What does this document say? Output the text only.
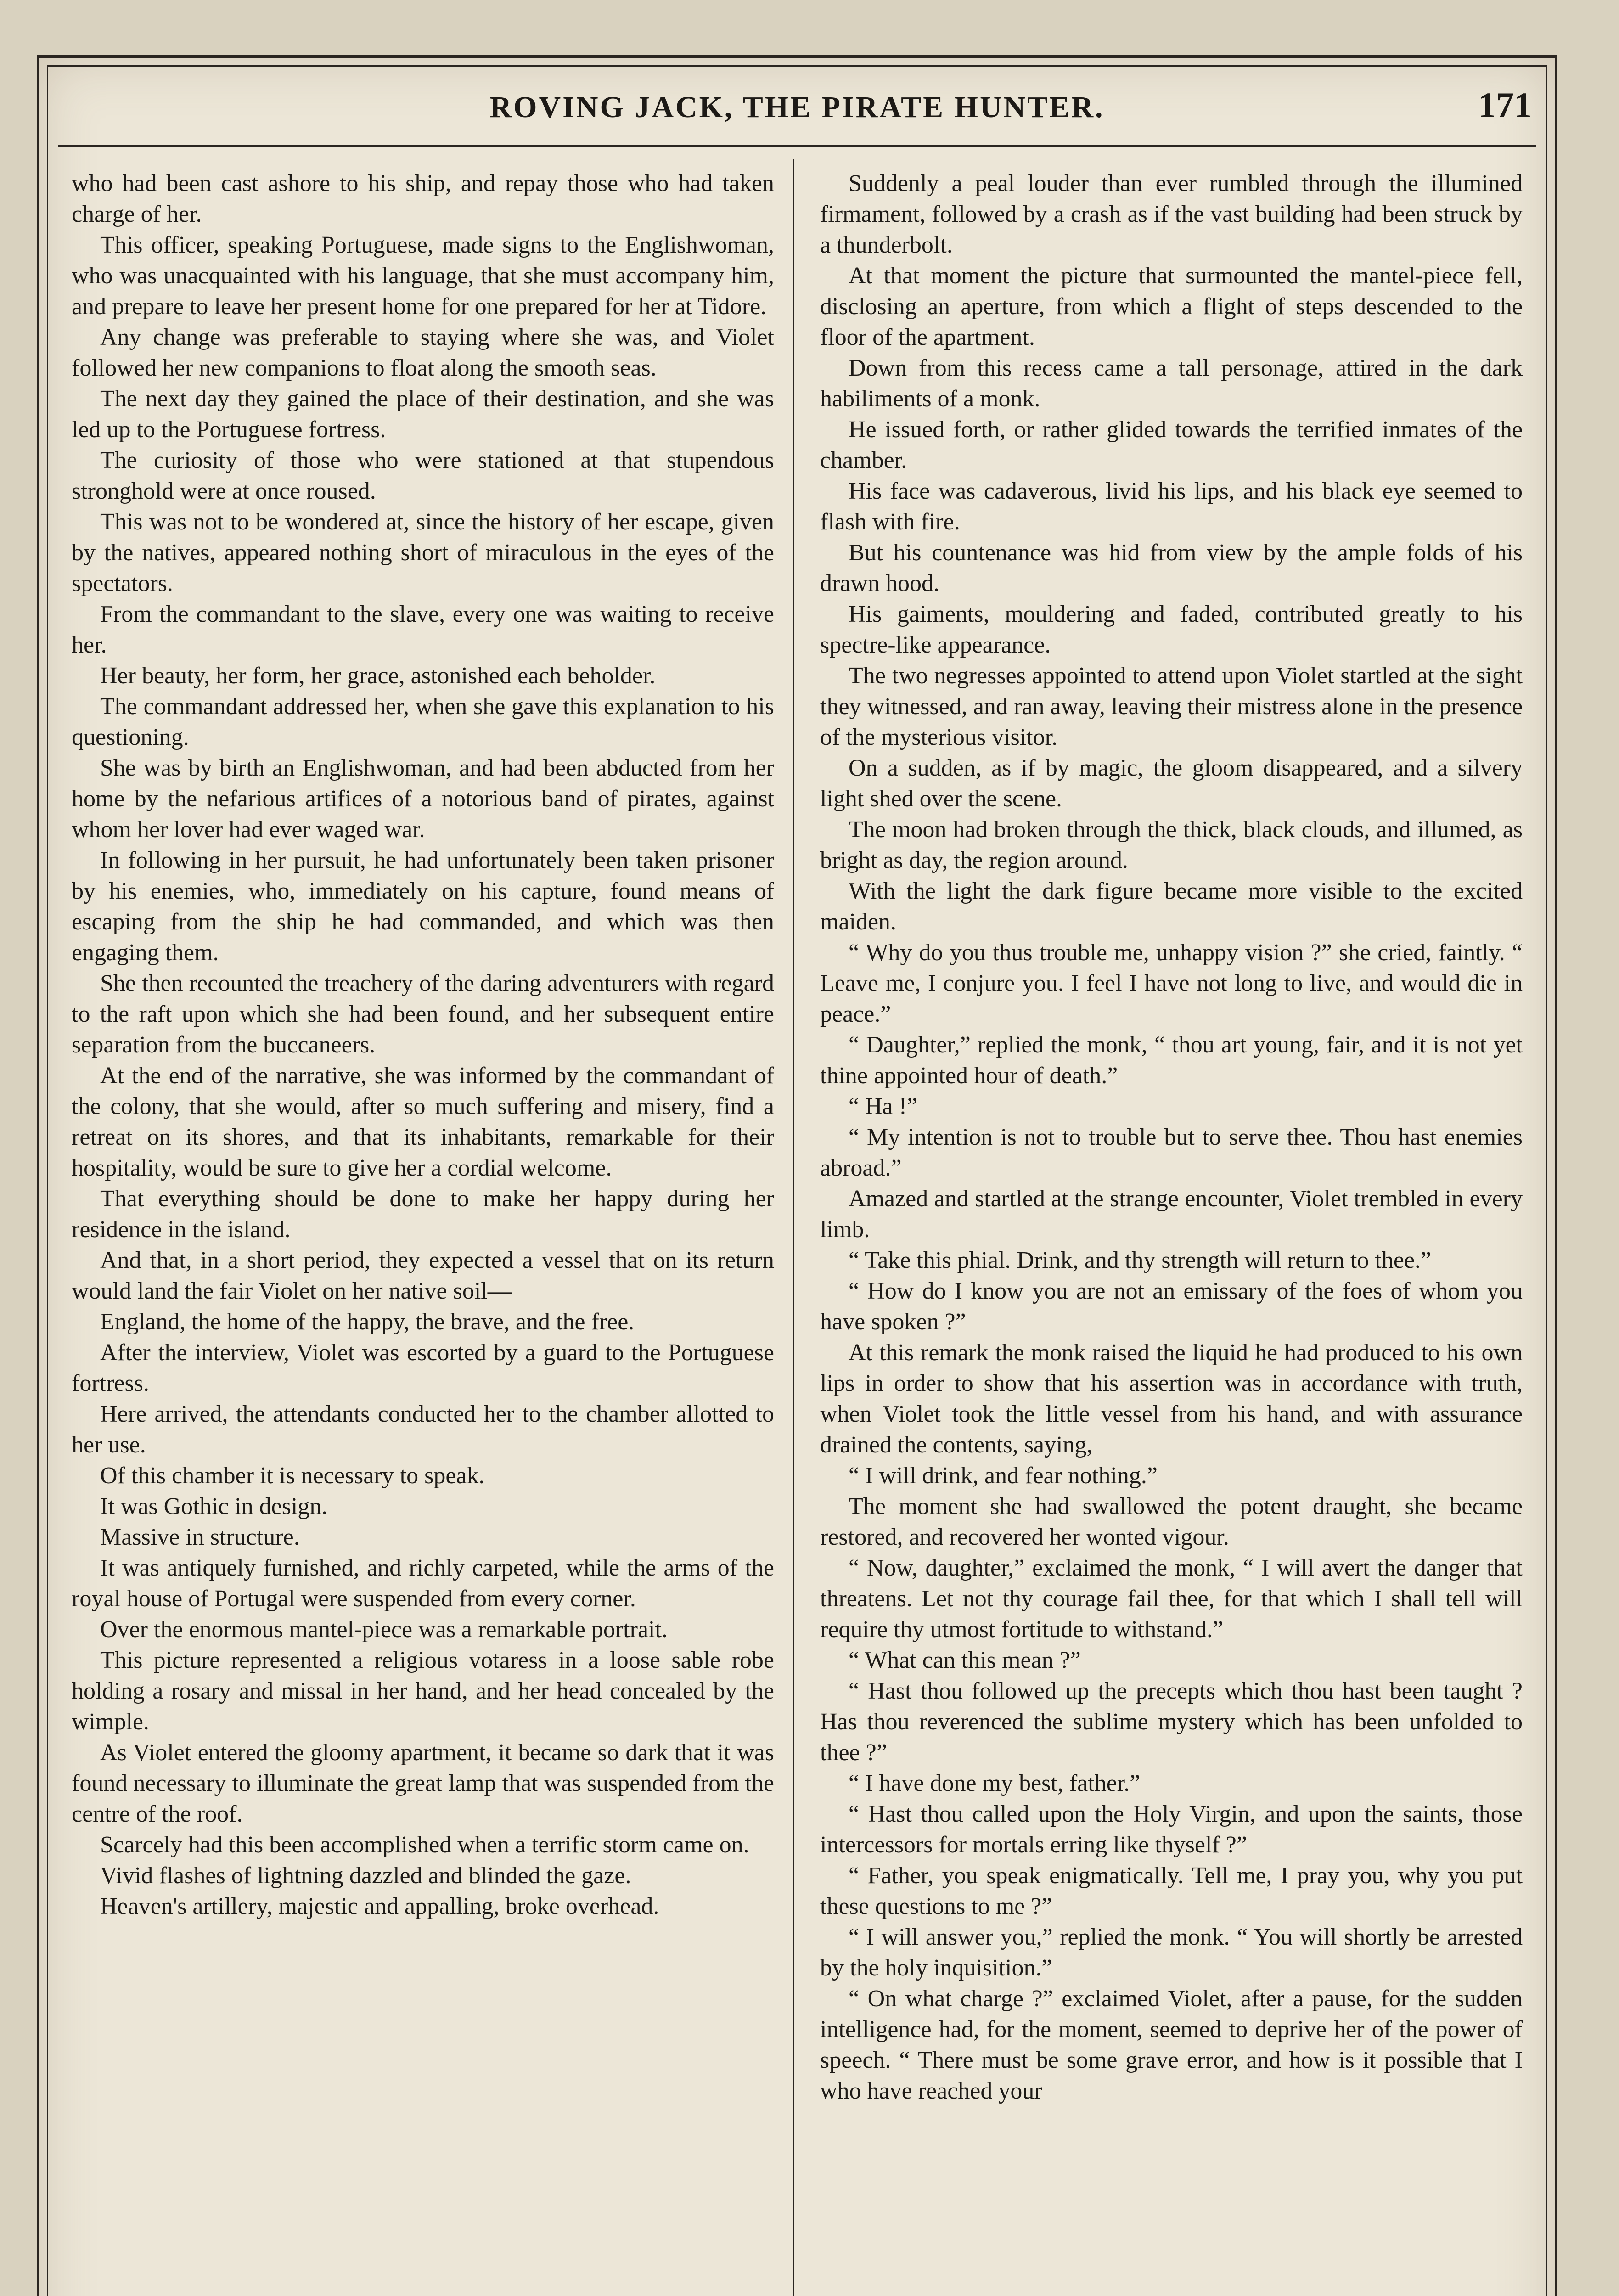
ROVING JACK, THE PIRATE HUNTER.	171

who had been cast ashore to his ship, and repay those who had taken charge of her.

This officer, speaking Portuguese, made signs to the Englishwoman, who was unacquainted with his language, that she must accompany him, and prepare to leave her present home for one prepared for her at Tidore.

Any change was preferable to staying where she was, and Violet followed her new companions to float along the smooth seas.

The next day they gained the place of their destination, and she was led up to the Portuguese fortress.

The curiosity of those who were stationed at that stupendous stronghold were at once roused.

This was not to be wondered at, since the history of her escape, given by the natives, appeared nothing short of miraculous in the eyes of the spectators.

From the commandant to the slave, every one was waiting to receive her.

Her beauty, her form, her grace, astonished each beholder.

The commandant addressed her, when she gave this explanation to his questioning.

She was by birth an Englishwoman, and had been abducted from her home by the nefarious artifices of a notorious band of pirates, against whom her lover had ever waged war.

In following in her pursuit, he had unfortunately been taken prisoner by his enemies, who, immediately on his capture, found means of escaping from the ship he had commanded, and which was then engaging them.

She then recounted the treachery of the daring adventurers with regard to the raft upon which she had been found, and her subsequent entire separation from the buccaneers.

At the end of the narrative, she was informed by the commandant of the colony, that she would, after so much suffering and misery, find a retreat on its shores, and that its inhabitants, remarkable for their hospitality, would be sure to give her a cordial welcome.

That everything should be done to make her happy during her residence in the island.

And that, in a short period, they expected a vessel that on its return would land the fair Violet on her native soil—

England, the home of the happy, the brave, and the free.

After the interview, Violet was escorted by a guard to the Portuguese fortress.

Here arrived, the attendants conducted her to the chamber allotted to her use.

Of this chamber it is necessary to speak.

It was Gothic in design.

Massive in structure.

It was antiquely furnished, and richly carpeted, while the arms of the royal house of Portugal were suspended from every corner.

Over the enormous mantel-piece was a remarkable portrait.

This picture represented a religious votaress in a loose sable robe holding a rosary and missal in her hand, and her head concealed by the wimple.

As Violet entered the gloomy apartment, it became so dark that it was found necessary to illuminate the great lamp that was suspended from the centre of the roof.

Scarcely had this been accomplished when a terrific storm came on.

Vivid flashes of lightning dazzled and blinded the gaze.

Heaven's artillery, majestic and appalling, broke overhead.

Suddenly a peal louder than ever rumbled through the illumined firmament, followed by a crash as if the vast building had been struck by a thunderbolt.

At that moment the picture that surmounted the mantel-piece fell, disclosing an aperture, from which a flight of steps descended to the floor of the apartment.

Down from this recess came a tall personage, attired in the dark habiliments of a monk.

He issued forth, or rather glided towards the terrified inmates of the chamber.

His face was cadaverous, livid his lips, and his black eye seemed to flash with fire.

But his countenance was hid from view by the ample folds of his drawn hood.

His gaiments, mouldering and faded, contributed greatly to his spectre-like appearance.

The two negresses appointed to attend upon Violet startled at the sight they witnessed, and ran away, leaving their mistress alone in the presence of the mysterious visitor.

On a sudden, as if by magic, the gloom disappeared, and a silvery light shed over the scene.

The moon had broken through the thick, black clouds, and illumed, as bright as day, the region around.

With the light the dark figure became more visible to the excited maiden.

“ Why do you thus trouble me, unhappy vision ?” she cried, faintly. “ Leave me, I conjure you. I feel I have not long to live, and would die in peace.”

“ Daughter,” replied the monk, “ thou art young, fair, and it is not yet thine appointed hour of death.”

“ Ha !”

“ My intention is not to trouble but to serve thee. Thou hast enemies abroad.”

Amazed and startled at the strange encounter, Violet trembled in every limb.

“ Take this phial. Drink, and thy strength will return to thee.”

“ How do I know you are not an emissary of the foes of whom you have spoken ?”

At this remark the monk raised the liquid he had produced to his own lips in order to show that his assertion was in accordance with truth, when Violet took the little vessel from his hand, and with assurance drained the contents, saying,

“ I will drink, and fear nothing.”

The moment she had swallowed the potent draught, she became restored, and recovered her wonted vigour.

“ Now, daughter,” exclaimed the monk, “ I will avert the danger that threatens. Let not thy courage fail thee, for that which I shall tell will require thy utmost fortitude to withstand.”

“ What can this mean ?”

“ Hast thou followed up the precepts which thou hast been taught ? Has thou reverenced the sublime mystery which has been unfolded to thee ?”

“ I have done my best, father.”

“ Hast thou called upon the Holy Virgin, and upon the saints, those intercessors for mortals erring like thyself ?”

“ Father, you speak enigmatically. Tell me, I pray you, why you put these questions to me ?”

“ I will answer you,” replied the monk. “ You will shortly be arrested by the holy inquisition.”

“ On what charge ?” exclaimed Violet, after a pause, for the sudden intelligence had, for the moment, seemed to deprive her of the power of speech. “ There must be some grave error, and how is it possible that I who have reached your
